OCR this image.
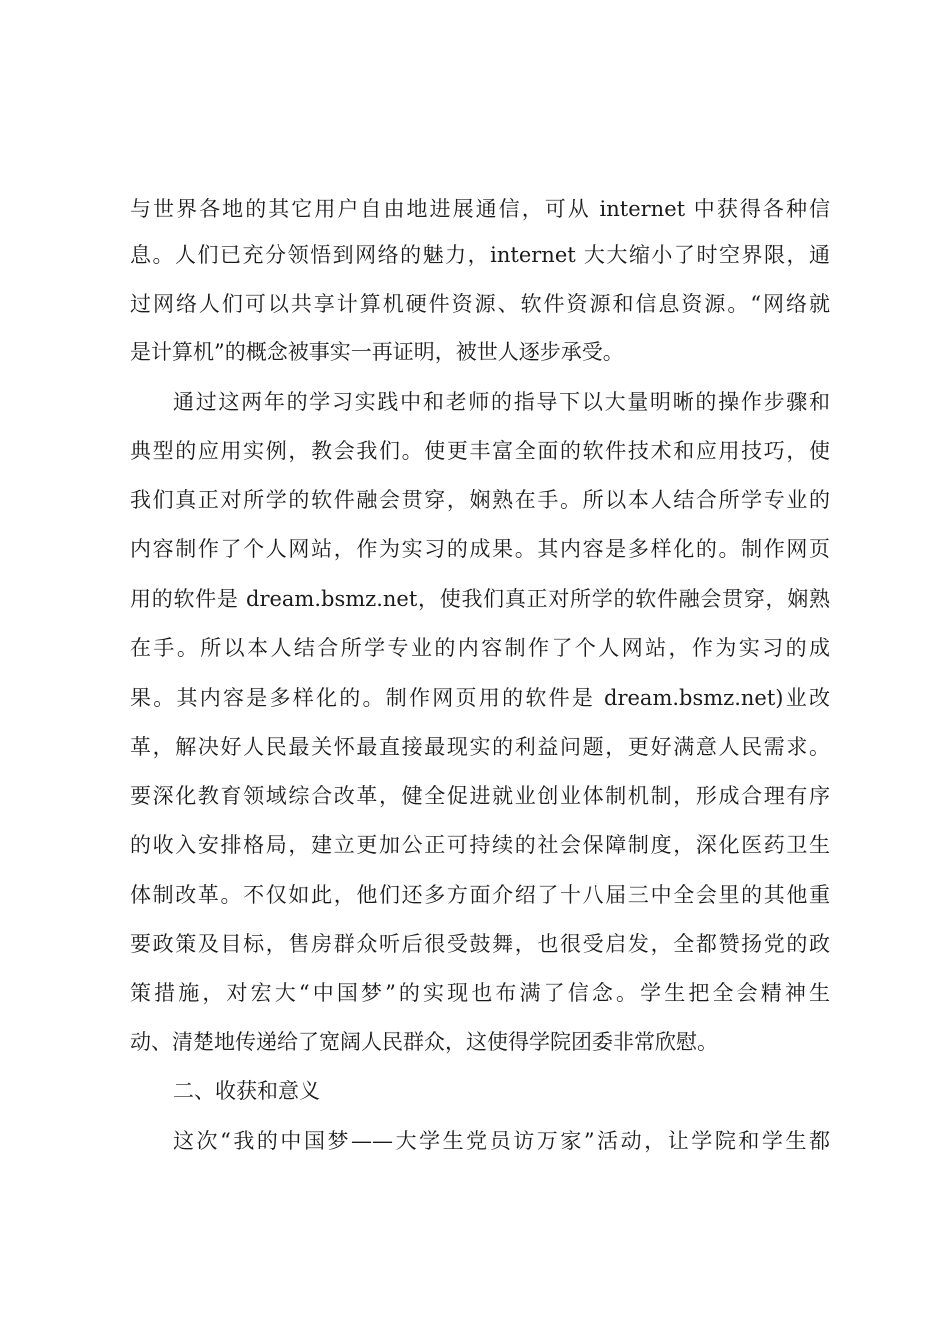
与世界各地的其它用户自由地进展通信，可从 internet 中获得各种信
息。人们已充分领悟到网络的魅力，internet 大大缩小了时空界限，通
过网络人们可以共享计算机硬件资源、软件资源和信息资源。“网络就
是计算机”的概念被事实一再证明，被世人逐步承受。
通过这两年的学习实践中和老师的指导下以大量明晰的操作步骤和
典型的应用实例，教会我们。使更丰富全面的软件技术和应用技巧，使
我们真正对所学的软件融会贯穿，娴熟在手。所以本人结合所学专业的
内容制作了个人网站，作为实习的成果。其内容是多样化的。制作网页
用的软件是 dream.bsmz.net，使我们真正对所学的软件融会贯穿，娴熟
在手。所以本人结合所学专业的内容制作了个人网站，作为实习的成
果。其内容是多样化的。制作网页用的软件是 dream.bsmz.net)业改
革，解决好人民最关怀最直接最现实的利益问题，更好满意人民需求。
要深化教育领域综合改革，健全促进就业创业体制机制，形成合理有序
的收入安排格局，建立更加公正可持续的社会保障制度，深化医药卫生
体制改革。不仅如此，他们还多方面介绍了十八届三中全会里的其他重
要政策及目标，售房群众听后很受鼓舞，也很受启发，全都赞扬党的政
策措施，对宏大“中国梦”的实现也布满了信念。学生把全会精神生
动、清楚地传递给了宽阔人民群众，这使得学院团委非常欣慰。
二、收获和意义
这次“我的中国梦——大学生党员访万家”活动，让学院和学生都
